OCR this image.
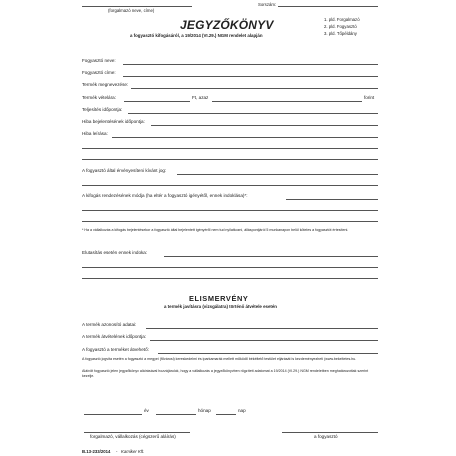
(forgalmazó neve, címe)
Sorszám:
JEGYZŐKÖNYV
a fogyasztó kifogásáról, a 19/2014 (VI.29.) NGM rendelet alapján
1. pld. Forgalmazó
2. pld. Fogyasztó
3. pld. Tőpéldány
Fogyasztó neve:
Fogyasztó címe:
Termék megnevezése:
Termék vételára:	Ft, azaz	forint
Teljesítés időpontja:
Hiba bejelentésének időpontja:
Hiba leírása:
A fogyasztó által érvényesíteni kívánt jog:
A kifogás rendezésének módja (ha eltér a fogyasztó igényétől, ennek indoklása)*:
* Ha a vállalkozás a kifogás bejelentésekor a fogyasztó által bejelentett igényéről nem tud nyilatkozni, álláspontjáról 5 munkanapon belül köteles a fogyasztót értesíteni.
Elutasítás esetén ennek indoka:
ELISMERVÉNY
a termék javításra (vizsgálatra) történő átvétele esetén
A termék azonosító adatai:
A termék átvételének időpontja:
A fogyasztó a terméket átvehető:
A fogyasztó jogvita esetén a fogyasztó a megyei (fővárosi) kereskedelmi és iparkamarák mellett működő békéltető testület eljárását is kezdeményezheti (www.bekeltetes.hu.
Aláírólt fogyasztó jelen jegyzőkönyv aláírásával hozzájárulok, hogy a vállalkozás a jegyzőkönyvben rögzített adatomat a 19/2014 (VI.29.) NGM rendeletben meghatározottak szerint kezelje.
év	hónap	nap
forgalmazó, vállalkozás (cégszerű aláírás)	a fogyasztó
B.13-233/2014 - Kamiker Kft.
